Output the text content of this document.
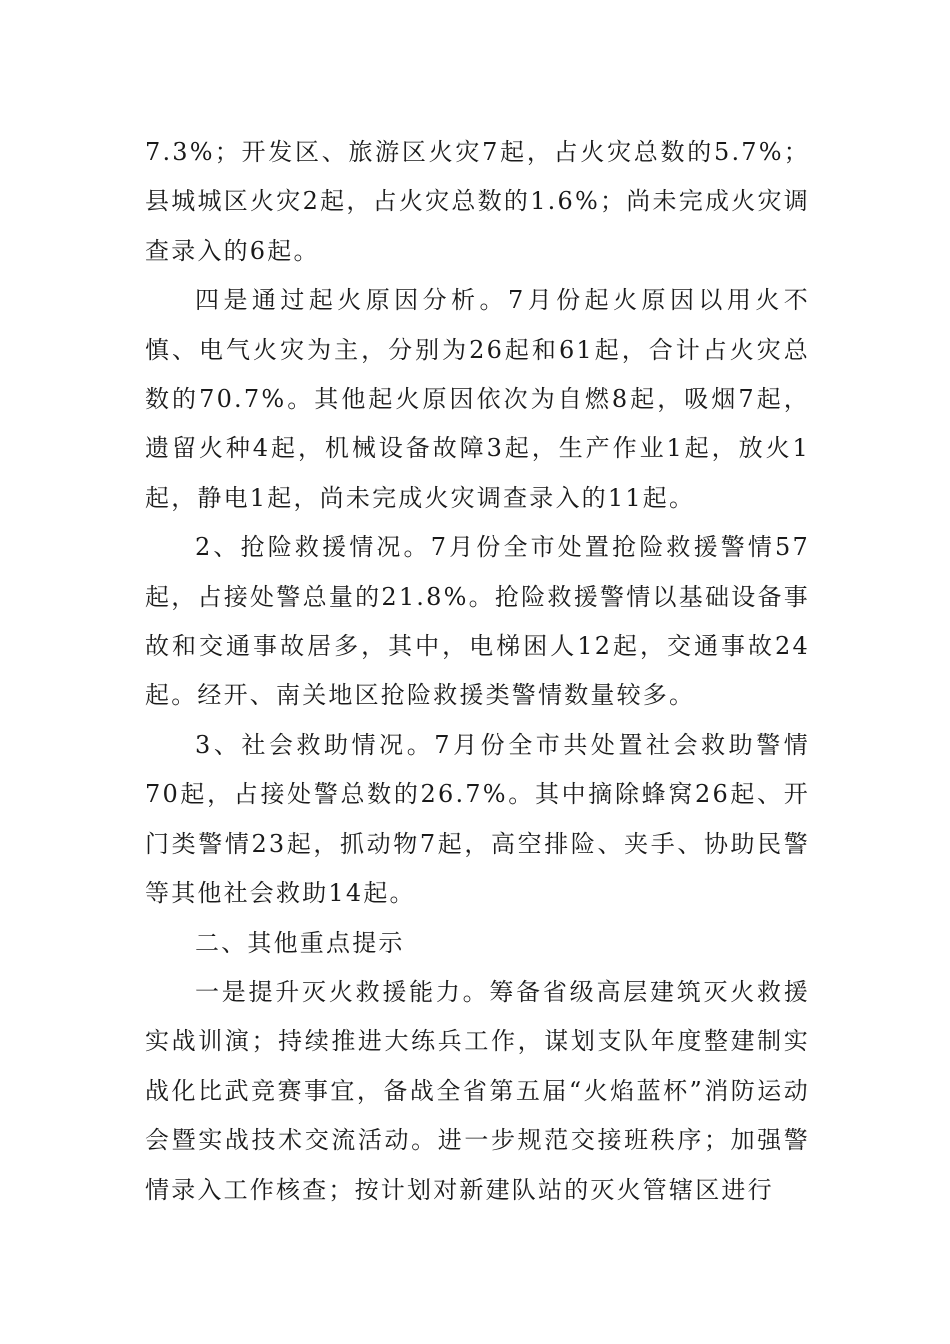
7.3%；开发区、旅游区火灾7起，占火灾总数的5.7%；县城城区火灾2起，占火灾总数的1.6%；尚未完成火灾调查录入的6起。

四是通过起火原因分析。7月份起火原因以用火不慎、电气火灾为主，分别为26起和61起，合计占火灾总数的70.7%。其他起火原因依次为自燃8起，吸烟7起，遗留火种4起，机械设备故障3起，生产作业1起，放火1起，静电1起，尚未完成火灾调查录入的11起。

2、抢险救援情况。7月份全市处置抢险救援警情57起，占接处警总量的21.8%。抢险救援警情以基础设备事故和交通事故居多，其中，电梯困人12起，交通事故24起。经开、南关地区抢险救援类警情数量较多。

3、社会救助情况。7月份全市共处置社会救助警情70起，占接处警总数的26.7%。其中摘除蜂窝26起、开门类警情23起，抓动物7起，高空排险、夹手、协助民警等其他社会救助14起。

二、其他重点提示

一是提升灭火救援能力。筹备省级高层建筑灭火救援实战训演；持续推进大练兵工作，谋划支队年度整建制实战化比武竞赛事宜，备战全省第五届“火焰蓝杯”消防运动会暨实战技术交流活动。进一步规范交接班秩序；加强警情录入工作核查；按计划对新建队站的灭火管辖区进行
